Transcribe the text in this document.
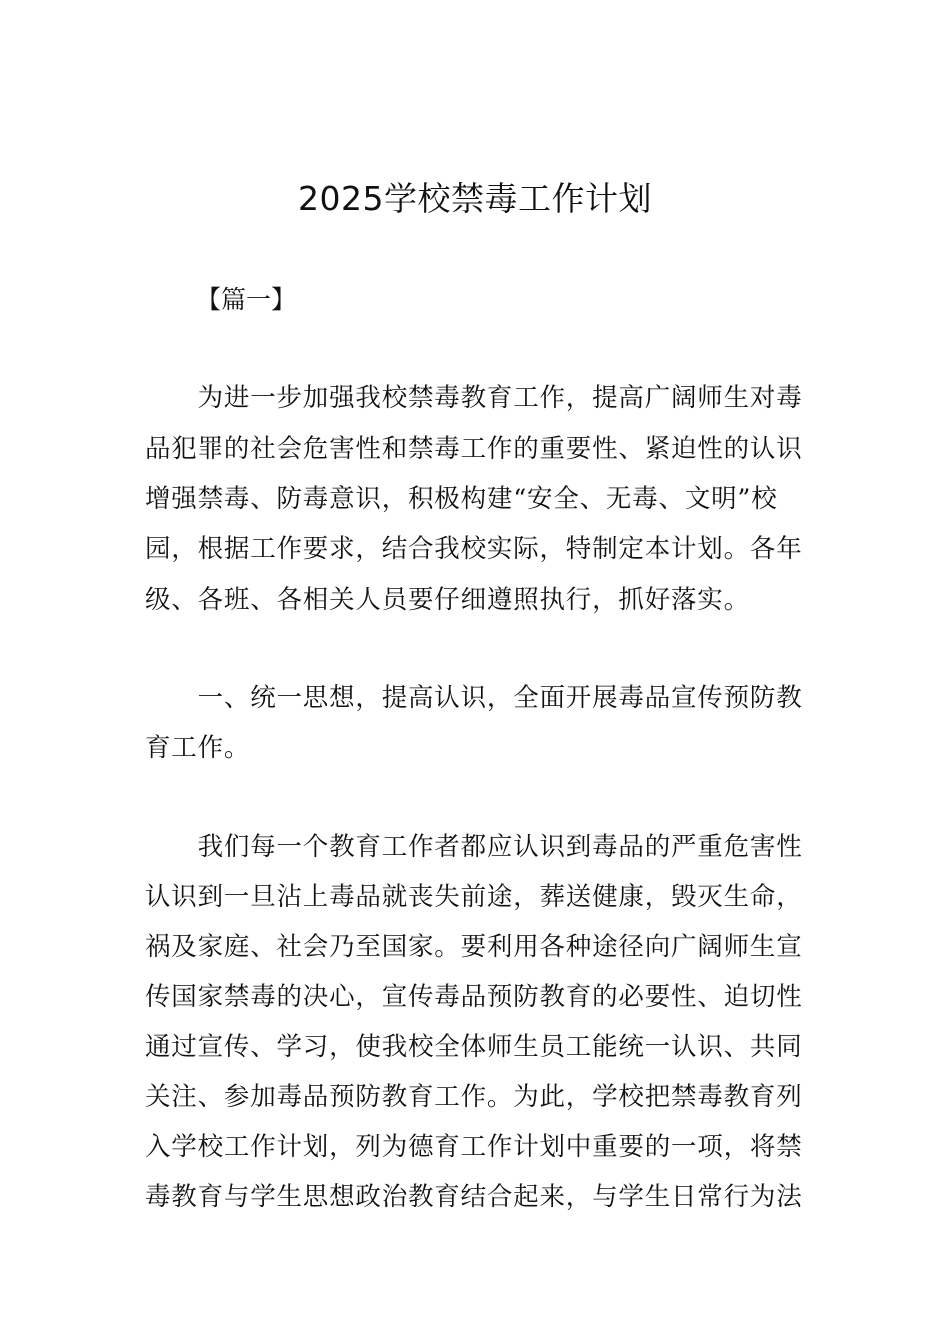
2025学校禁毒工作计划

【篇一】

　　为进一步加强我校禁毒教育工作，提高广阔师生对毒

品犯罪的社会危害性和禁毒工作的重要性、紧迫性的认识

增强禁毒、防毒意识，积极构建“安全、无毒、文明”校

园，根据工作要求，结合我校实际，特制定本计划。各年

级、各班、各相关人员要仔细遵照执行，抓好落实。

　　一、统一思想，提高认识，全面开展毒品宣传预防教

育工作。

　　我们每一个教育工作者都应认识到毒品的严重危害性

认识到一旦沾上毒品就丧失前途，葬送健康，毁灭生命，

祸及家庭、社会乃至国家。要利用各种途径向广阔师生宣

传国家禁毒的决心，宣传毒品预防教育的必要性、迫切性

通过宣传、学习，使我校全体师生员工能统一认识、共同

关注、参加毒品预防教育工作。为此，学校把禁毒教育列

入学校工作计划，列为德育工作计划中重要的一项，将禁

毒教育与学生思想政治教育结合起来，与学生日常行为法
